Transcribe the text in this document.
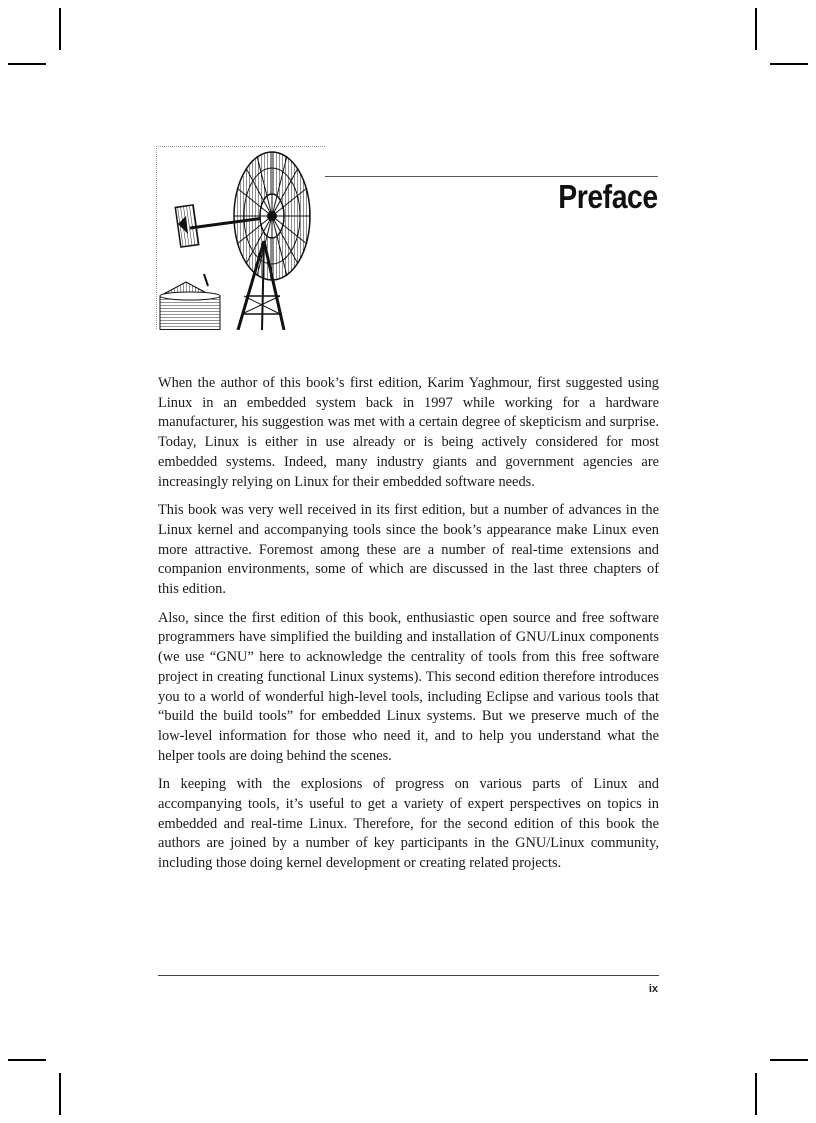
Preface

When the author of this book’s first edition, Karim Yaghmour, first suggested using Linux in an embedded system back in 1997 while working for a hardware manufacturer, his suggestion was met with a certain degree of skepticism and surprise. Today, Linux is either in use already or is being actively considered for most embedded systems. Indeed, many industry giants and government agencies are increasingly relying on Linux for their embedded software needs.

This book was very well received in its first edition, but a number of advances in the Linux kernel and accompanying tools since the book’s appearance make Linux even more attractive. Foremost among these are a number of real-time extensions and companion environments, some of which are discussed in the last three chapters of this edition.

Also, since the first edition of this book, enthusiastic open source and free software programmers have simplified the building and installation of GNU/Linux components (we use “GNU” here to acknowledge the centrality of tools from this free software project in creating functional Linux systems). This second edition therefore introduces you to a world of wonderful high-level tools, including Eclipse and various tools that “build the build tools” for embedded Linux systems. But we preserve much of the low-level information for those who need it, and to help you understand what the helper tools are doing behind the scenes.

In keeping with the explosions of progress on various parts of Linux and accompanying tools, it’s useful to get a variety of expert perspectives on topics in embedded and real-time Linux. Therefore, for the second edition of this book the authors are joined by a number of key participants in the GNU/Linux community, including those doing kernel development or creating related projects.

ix
